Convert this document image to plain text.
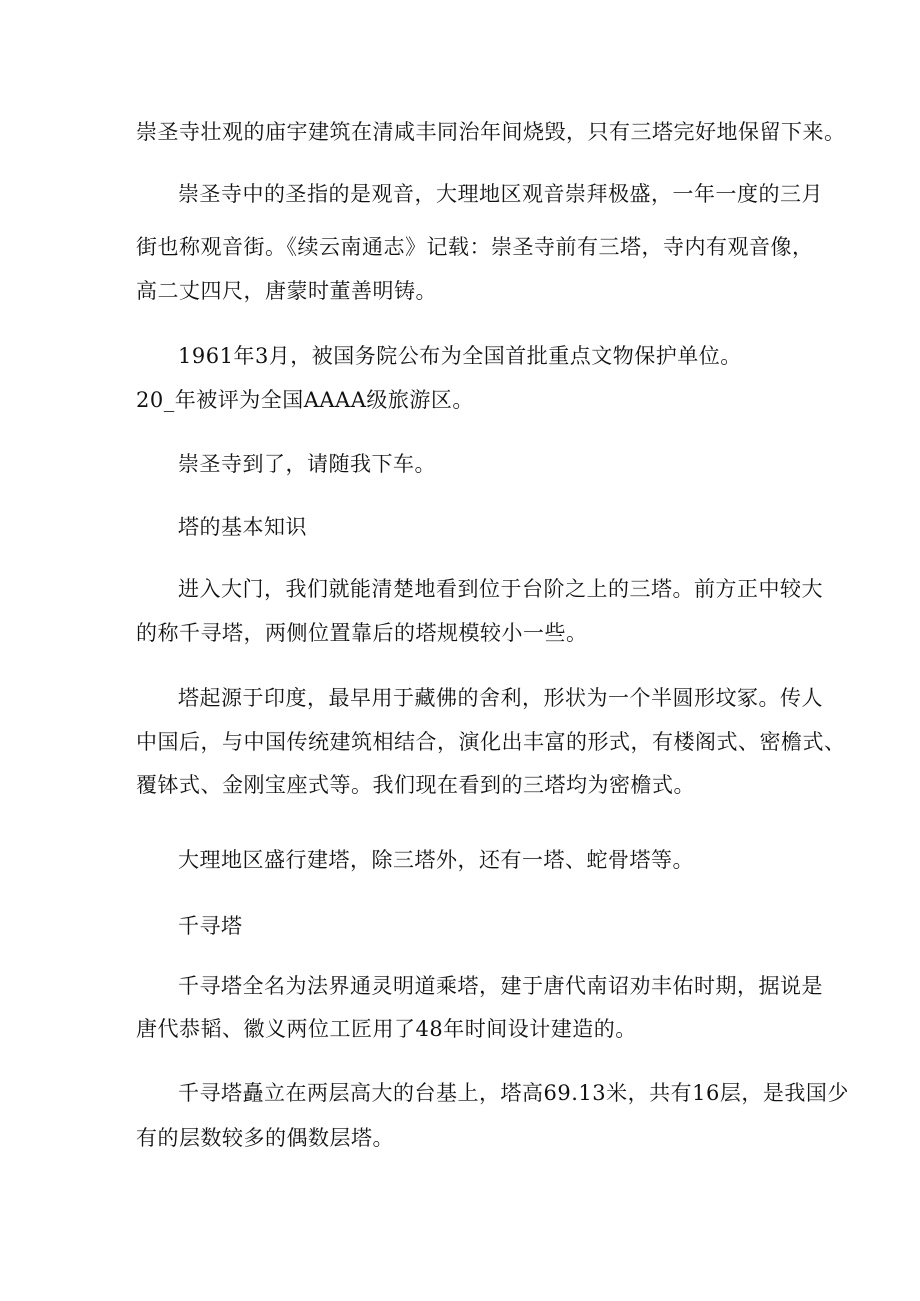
崇圣寺壮观的庙宇建筑在清咸丰同治年间烧毁，只有三塔完好地保留下来。

崇圣寺中的圣指的是观音，大理地区观音崇拜极盛，一年一度的三月

街也称观音街。《续云南通志》记载：崇圣寺前有三塔，寺内有观音像，

高二丈四尺，唐蒙时董善明铸。

1961年3月，被国务院公布为全国首批重点文物保护单位。

20_年被评为全国AAAA级旅游区。

崇圣寺到了，请随我下车。

塔的基本知识

进入大门，我们就能清楚地看到位于台阶之上的三塔。前方正中较大

的称千寻塔，两侧位置靠后的塔规模较小一些。

塔起源于印度，最早用于藏佛的舍利，形状为一个半圆形坟冢。传人

中国后，与中国传统建筑相结合，演化出丰富的形式，有楼阁式、密檐式、

覆钵式、金刚宝座式等。我们现在看到的三塔均为密檐式。

大理地区盛行建塔，除三塔外，还有一塔、蛇骨塔等。

千寻塔

千寻塔全名为法界通灵明道乘塔，建于唐代南诏劝丰佑时期，据说是

唐代恭韬、徽义两位工匠用了48年时间设计建造的。

千寻塔矗立在两层高大的台基上，塔高69.13米，共有16层，是我国少

有的层数较多的偶数层塔。
